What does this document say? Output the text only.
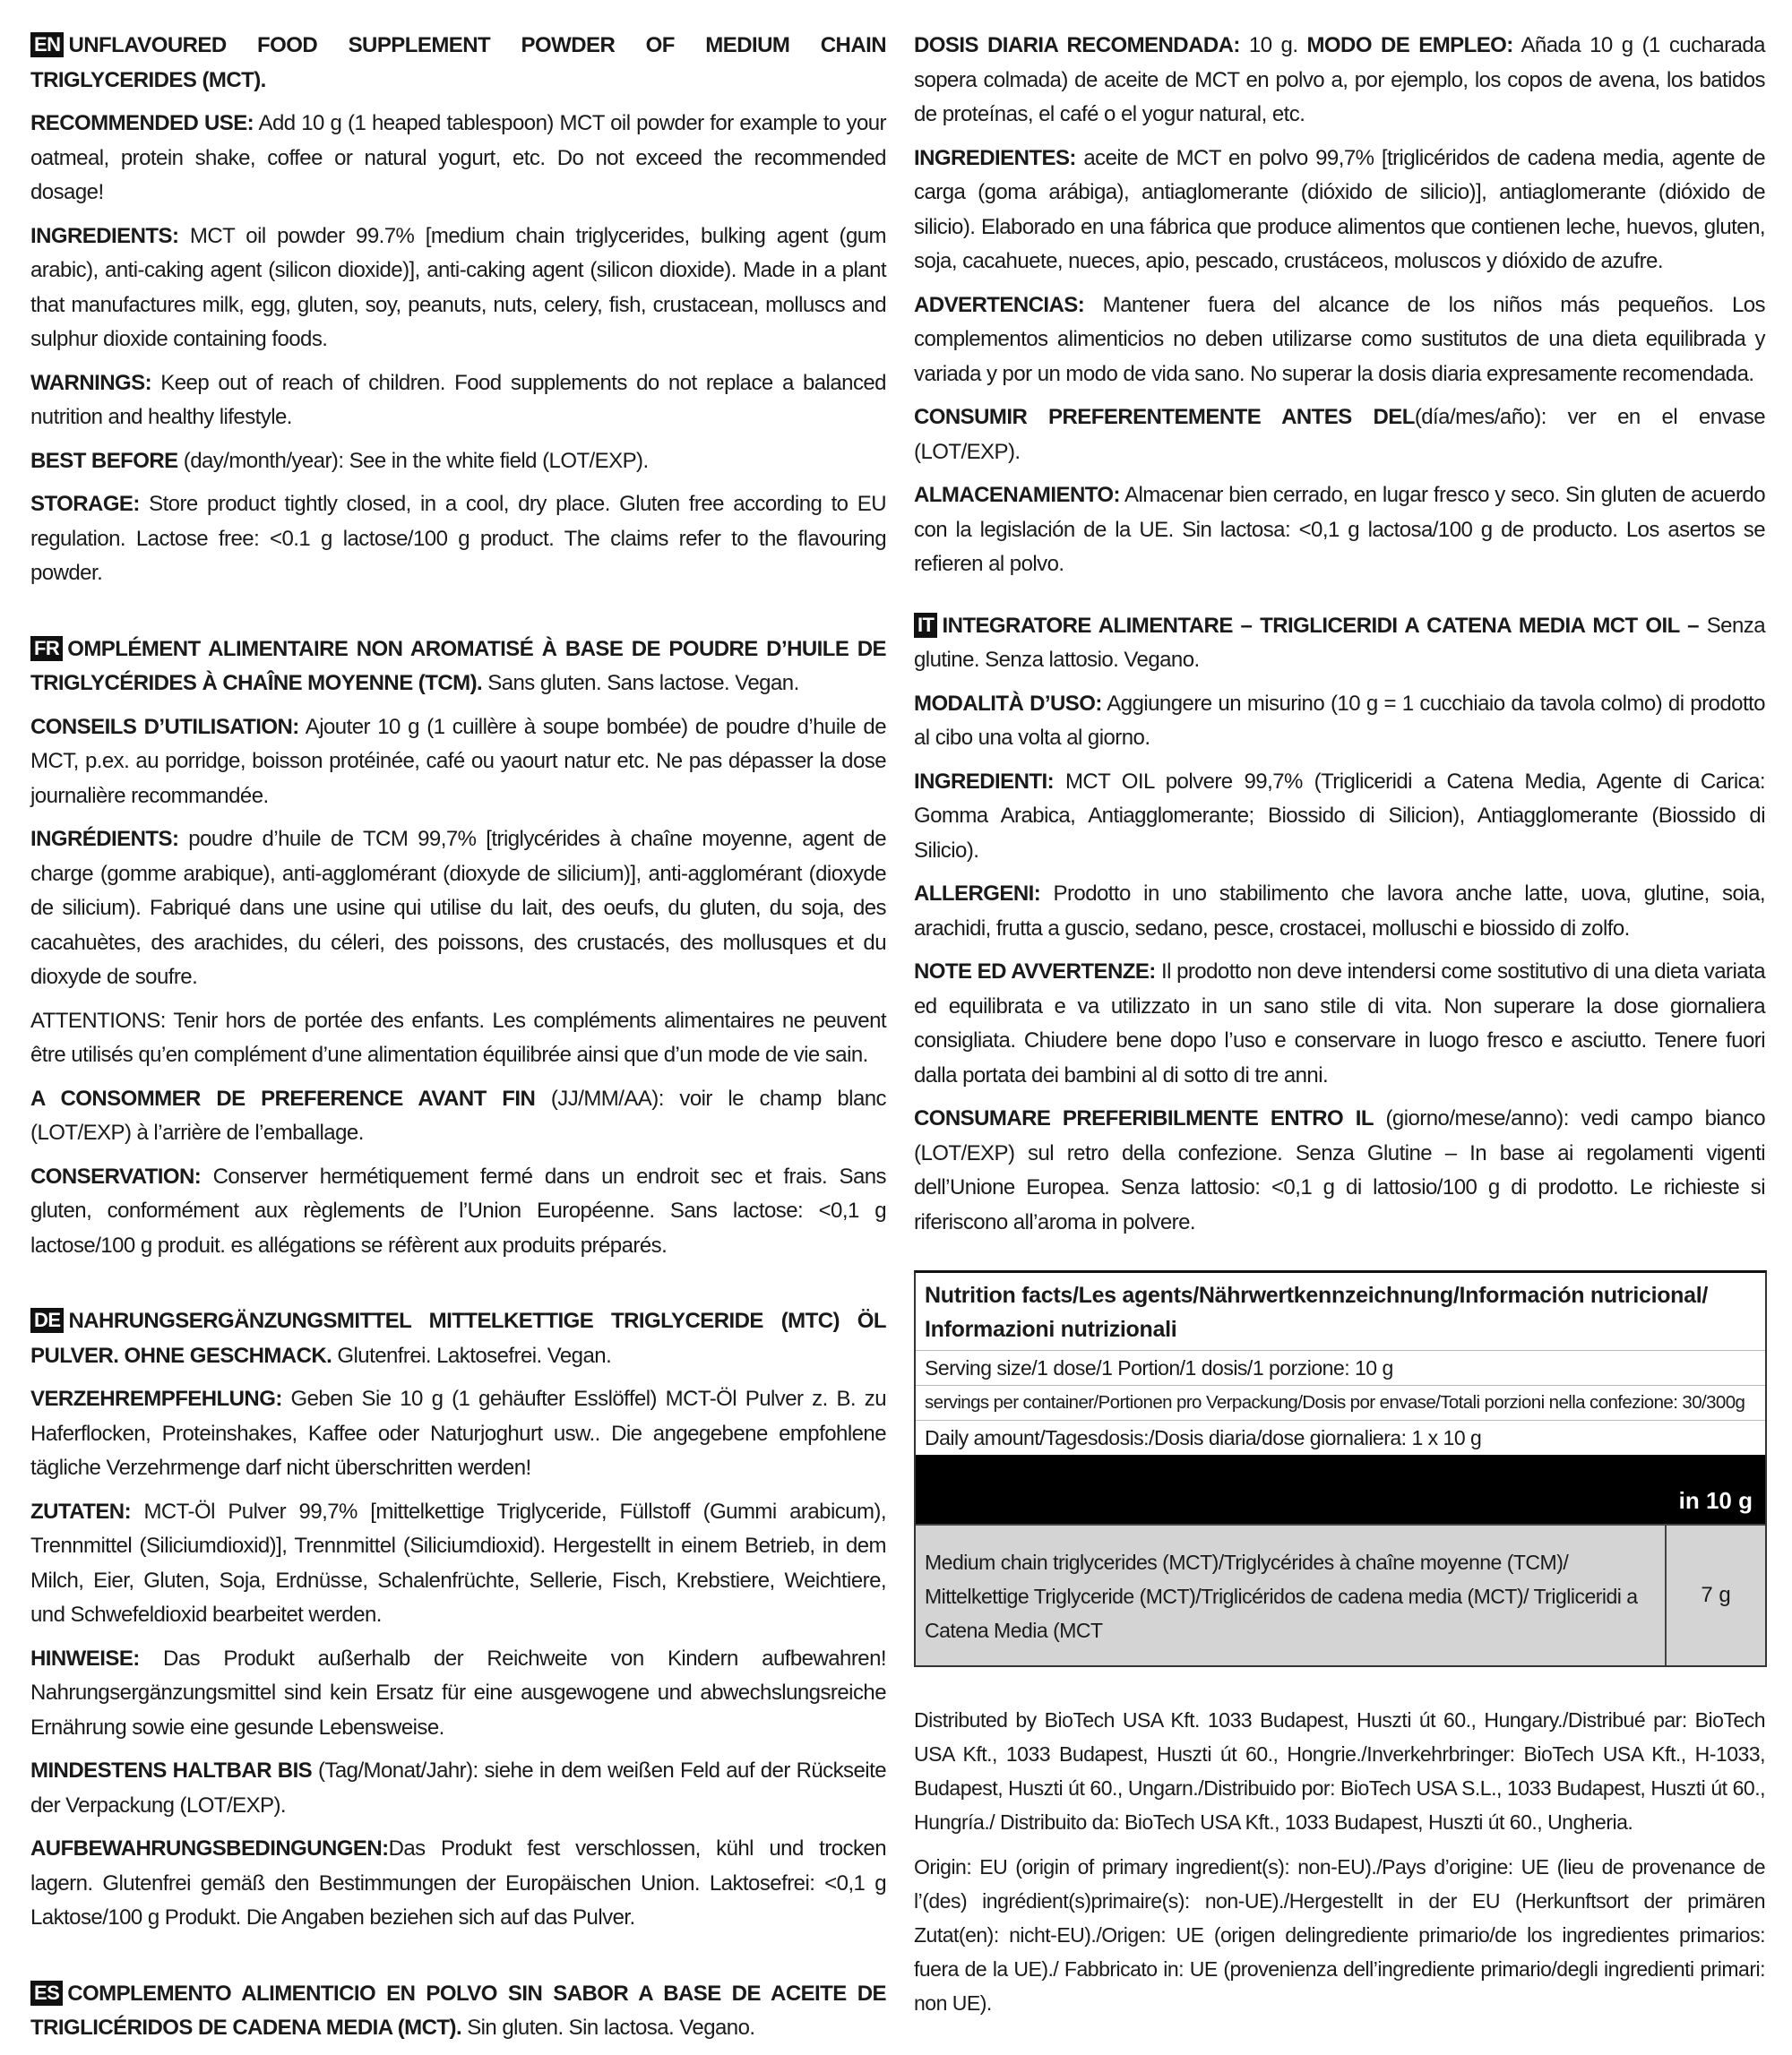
EN UNFLAVOURED FOOD SUPPLEMENT POWDER OF MEDIUM CHAIN TRIGLYCERIDES (MCT).

RECOMMENDED USE: Add 10 g (1 heaped tablespoon) MCT oil powder for example to your oatmeal, protein shake, coffee or natural yogurt, etc. Do not exceed the recommended dosage!

INGREDIENTS: MCT oil powder 99.7% [medium chain triglycerides, bulking agent (gum arabic), anti-caking agent (silicon dioxide)], anti-caking agent (silicon dioxide). Made in a plant that manufactures milk, egg, gluten, soy, peanuts, nuts, celery, fish, crustacean, molluscs and sulphur dioxide containing foods.

WARNINGS: Keep out of reach of children. Food supplements do not replace a balanced nutrition and healthy lifestyle.

BEST BEFORE (day/month/year): See in the white field (LOT/EXP).

STORAGE: Store product tightly closed, in a cool, dry place. Gluten free according to EU regulation. Lactose free: <0.1 g lactose/100 g product. The claims refer to the flavouring powder.

FR OMPLÉMENT ALIMENTAIRE NON AROMATISÉ À BASE DE POUDRE D’HUILE DE TRIGLYCÉRIDES À CHAÎNE MOYENNE (TCM). Sans gluten. Sans lactose. Vegan.

CONSEILS D’UTILISATION: Ajouter 10 g (1 cuillère à soupe bombée) de poudre d’huile de MCT, p.ex. au porridge, boisson protéinée, café ou yaourt natur etc. Ne pas dépasser la dose journalière recommandée.

INGRÉDIENTS: poudre d’huile de TCM 99,7% [triglycérides à chaîne moyenne, agent de charge (gomme arabique), anti-agglomérant (dioxyde de silicium)], anti-agglomérant (dioxyde de silicium). Fabriqué dans une usine qui utilise du lait, des oeufs, du gluten, du soja, des cacahuètes, des arachides, du céleri, des poissons, des crustacés, des mollusques et du dioxyde de soufre.

ATTENTIONS: Tenir hors de portée des enfants. Les compléments alimentaires ne peuvent être utilisés qu’en complément d’une alimentation équilibrée ainsi que d’un mode de vie sain.

A CONSOMMER DE PREFERENCE AVANT FIN (JJ/MM/AA): voir le champ blanc (LOT/EXP) à l’arrière de l’emballage.

CONSERVATION: Conserver hermétiquement fermé dans un endroit sec et frais. Sans gluten, conformément aux règlements de l’Union Européenne. Sans lactose: <0,1 g lactose/100 g produit. es allégations se réfèrent aux produits préparés.

DE NAHRUNGSERGÄNZUNGSMITTEL MITTELKETTIGE TRIGLYCERIDE (MTC) ÖL PULVER. OHNE GESCHMACK. Glutenfrei. Laktosefrei. Vegan.

VERZEHREMPFEHLUNG: Geben Sie 10 g (1 gehäufter Esslöffel) MCT-Öl Pulver z. B. zu Haferflocken, Proteinshakes, Kaffee oder Naturjoghurt usw.. Die angegebene empfohlene tägliche Verzehrmenge darf nicht überschritten werden!

ZUTATEN: MCT-Öl Pulver 99,7% [mittelkettige Triglyceride, Füllstoff (Gummi arabicum), Trennmittel (Siliciumdioxid)], Trennmittel (Siliciumdioxid). Hergestellt in einem Betrieb, in dem Milch, Eier, Gluten, Soja, Erdnüsse, Schalenfrüchte, Sellerie, Fisch, Krebstiere, Weichtiere, und Schwefeldioxid bearbeitet werden.

HINWEISE: Das Produkt außerhalb der Reichweite von Kindern aufbewahren! Nahrungsergänzungsmittel sind kein Ersatz für eine ausgewogene und abwechslungsreiche Ernährung sowie eine gesunde Lebensweise.

MINDESTENS HALTBAR BIS (Tag/Monat/Jahr): siehe in dem weißen Feld auf der Rückseite der Verpackung (LOT/EXP).

AUFBEWAHRUNGSBEDINGUNGEN:Das Produkt fest verschlossen, kühl und trocken lagern. Glutenfrei gemäß den Bestimmungen der Europäischen Union. Laktosefrei: <0,1 g Laktose/100 g Produkt. Die Angaben beziehen sich auf das Pulver.

ES COMPLEMENTO ALIMENTICIO EN POLVO SIN SABOR A BASE DE ACEITE DE TRIGLICÉRIDOS DE CADENA MEDIA (MCT). Sin gluten. Sin lactosa. Vegano.

DOSIS DIARIA RECOMENDADA: 10 g. MODO DE EMPLEO: Añada 10 g (1 cucharada sopera colmada) de aceite de MCT en polvo a, por ejemplo, los copos de avena, los batidos de proteínas, el café o el yogur natural, etc.

INGREDIENTES: aceite de MCT en polvo 99,7% [triglicéridos de cadena media, agente de carga (goma arábiga), antiaglomerante (dióxido de silicio)], antiaglomerante (dióxido de silicio). Elaborado en una fábrica que produce alimentos que contienen leche, huevos, gluten, soja, cacahuete, nueces, apio, pescado, crustáceos, moluscos y dióxido de azufre.

ADVERTENCIAS: Mantener fuera del alcance de los niños más pequeños. Los complementos alimenticios no deben utilizarse como sustitutos de una dieta equilibrada y variada y por un modo de vida sano. No superar la dosis diaria expresamente recomendada.

CONSUMIR PREFERENTEMENTE ANTES DEL(día/mes/año): ver en el envase (LOT/EXP).

ALMACENAMIENTO: Almacenar bien cerrado, en lugar fresco y seco. Sin gluten de acuerdo con la legislación de la UE. Sin lactosa: <0,1 g lactosa/100 g de producto. Los asertos se refieren al polvo.

IT INTEGRATORE ALIMENTARE – TRIGLICERIDI A CATENA MEDIA MCT OIL – Senza glutine. Senza lattosio. Vegano.

MODALITÀ D’USO: Aggiungere un misurino (10 g = 1 cucchiaio da tavola colmo) di prodotto al cibo una volta al giorno.

INGREDIENTI: MCT OIL polvere 99,7% (Trigliceridi a Catena Media, Agente di Carica: Gomma Arabica, Antiagglomerante; Biossido di Silicion), Antiagglomerante (Biossido di Silicio).

ALLERGENI: Prodotto in uno stabilimento che lavora anche latte, uova, glutine, soia, arachidi, frutta a guscio, sedano, pesce, crostacei, molluschi e biossido di zolfo.

NOTE ED AVVERTENZE: Il prodotto non deve intendersi come sostitutivo di una dieta variata ed equilibrata e va utilizzato in un sano stile di vita. Non superare la dose giornaliera consigliata. Chiudere bene dopo l’uso e conservare in luogo fresco e asciutto. Tenere fuori dalla portata dei bambini al di sotto di tre anni.

CONSUMARE PREFERIBILMENTE ENTRO IL (giorno/mese/anno): vedi campo bianco (LOT/EXP) sul retro della confezione. Senza Glutine – In base ai regolamenti vigenti dell’Unione Europea. Senza lattosio: <0,1 g di lattosio/100 g di prodotto. Le richieste si riferiscono all’aroma in polvere.

Nutrition facts/Les agents/Nährwertkennzeichnung/Información nutricional/ Informazioni nutrizionali
Serving size/1 dose/1 Portion/1 dosis/1 porzione: 10 g
servings per container/Portionen pro Verpackung/Dosis por envase/Totali porzioni nella confezione: 30/300g
Daily amount/Tagesdosis:/Dosis diaria/dose giornaliera: 1 x 10 g
in 10 g
Medium chain triglycerides (MCT)/Triglycérides à chaîne moyenne (TCM)/ Mittelkettige Triglyceride (MCT)/Triglicéridos de cadena media (MCT)/ Trigliceridi a Catena Media (MCT
7 g

Distributed by BioTech USA Kft. 1033 Budapest, Huszti út 60., Hungary./Distribué par: BioTech USA Kft., 1033 Budapest, Huszti út 60., Hongrie./Inverkehrbringer: BioTech USA Kft., H-1033, Budapest, Huszti út 60., Ungarn./Distribuido por: BioTech USA S.L., 1033 Budapest, Huszti út 60., Hungría./ Distribuito da: BioTech USA Kft., 1033 Budapest, Huszti út 60., Ungheria.

Origin: EU (origin of primary ingredient(s): non-EU)./Pays d’origine: UE (lieu de provenance de l’(des) ingrédient(s)primaire(s): non-UE)./Hergestellt in der EU (Herkunftsort der primären Zutat(en): nicht-EU)./Origen: UE (origen delingrediente primario/de los ingredientes primarios: fuera de la UE)./ Fabbricato in: UE (provenienza dell’ingrediente primario/degli ingredienti primari: non UE).
